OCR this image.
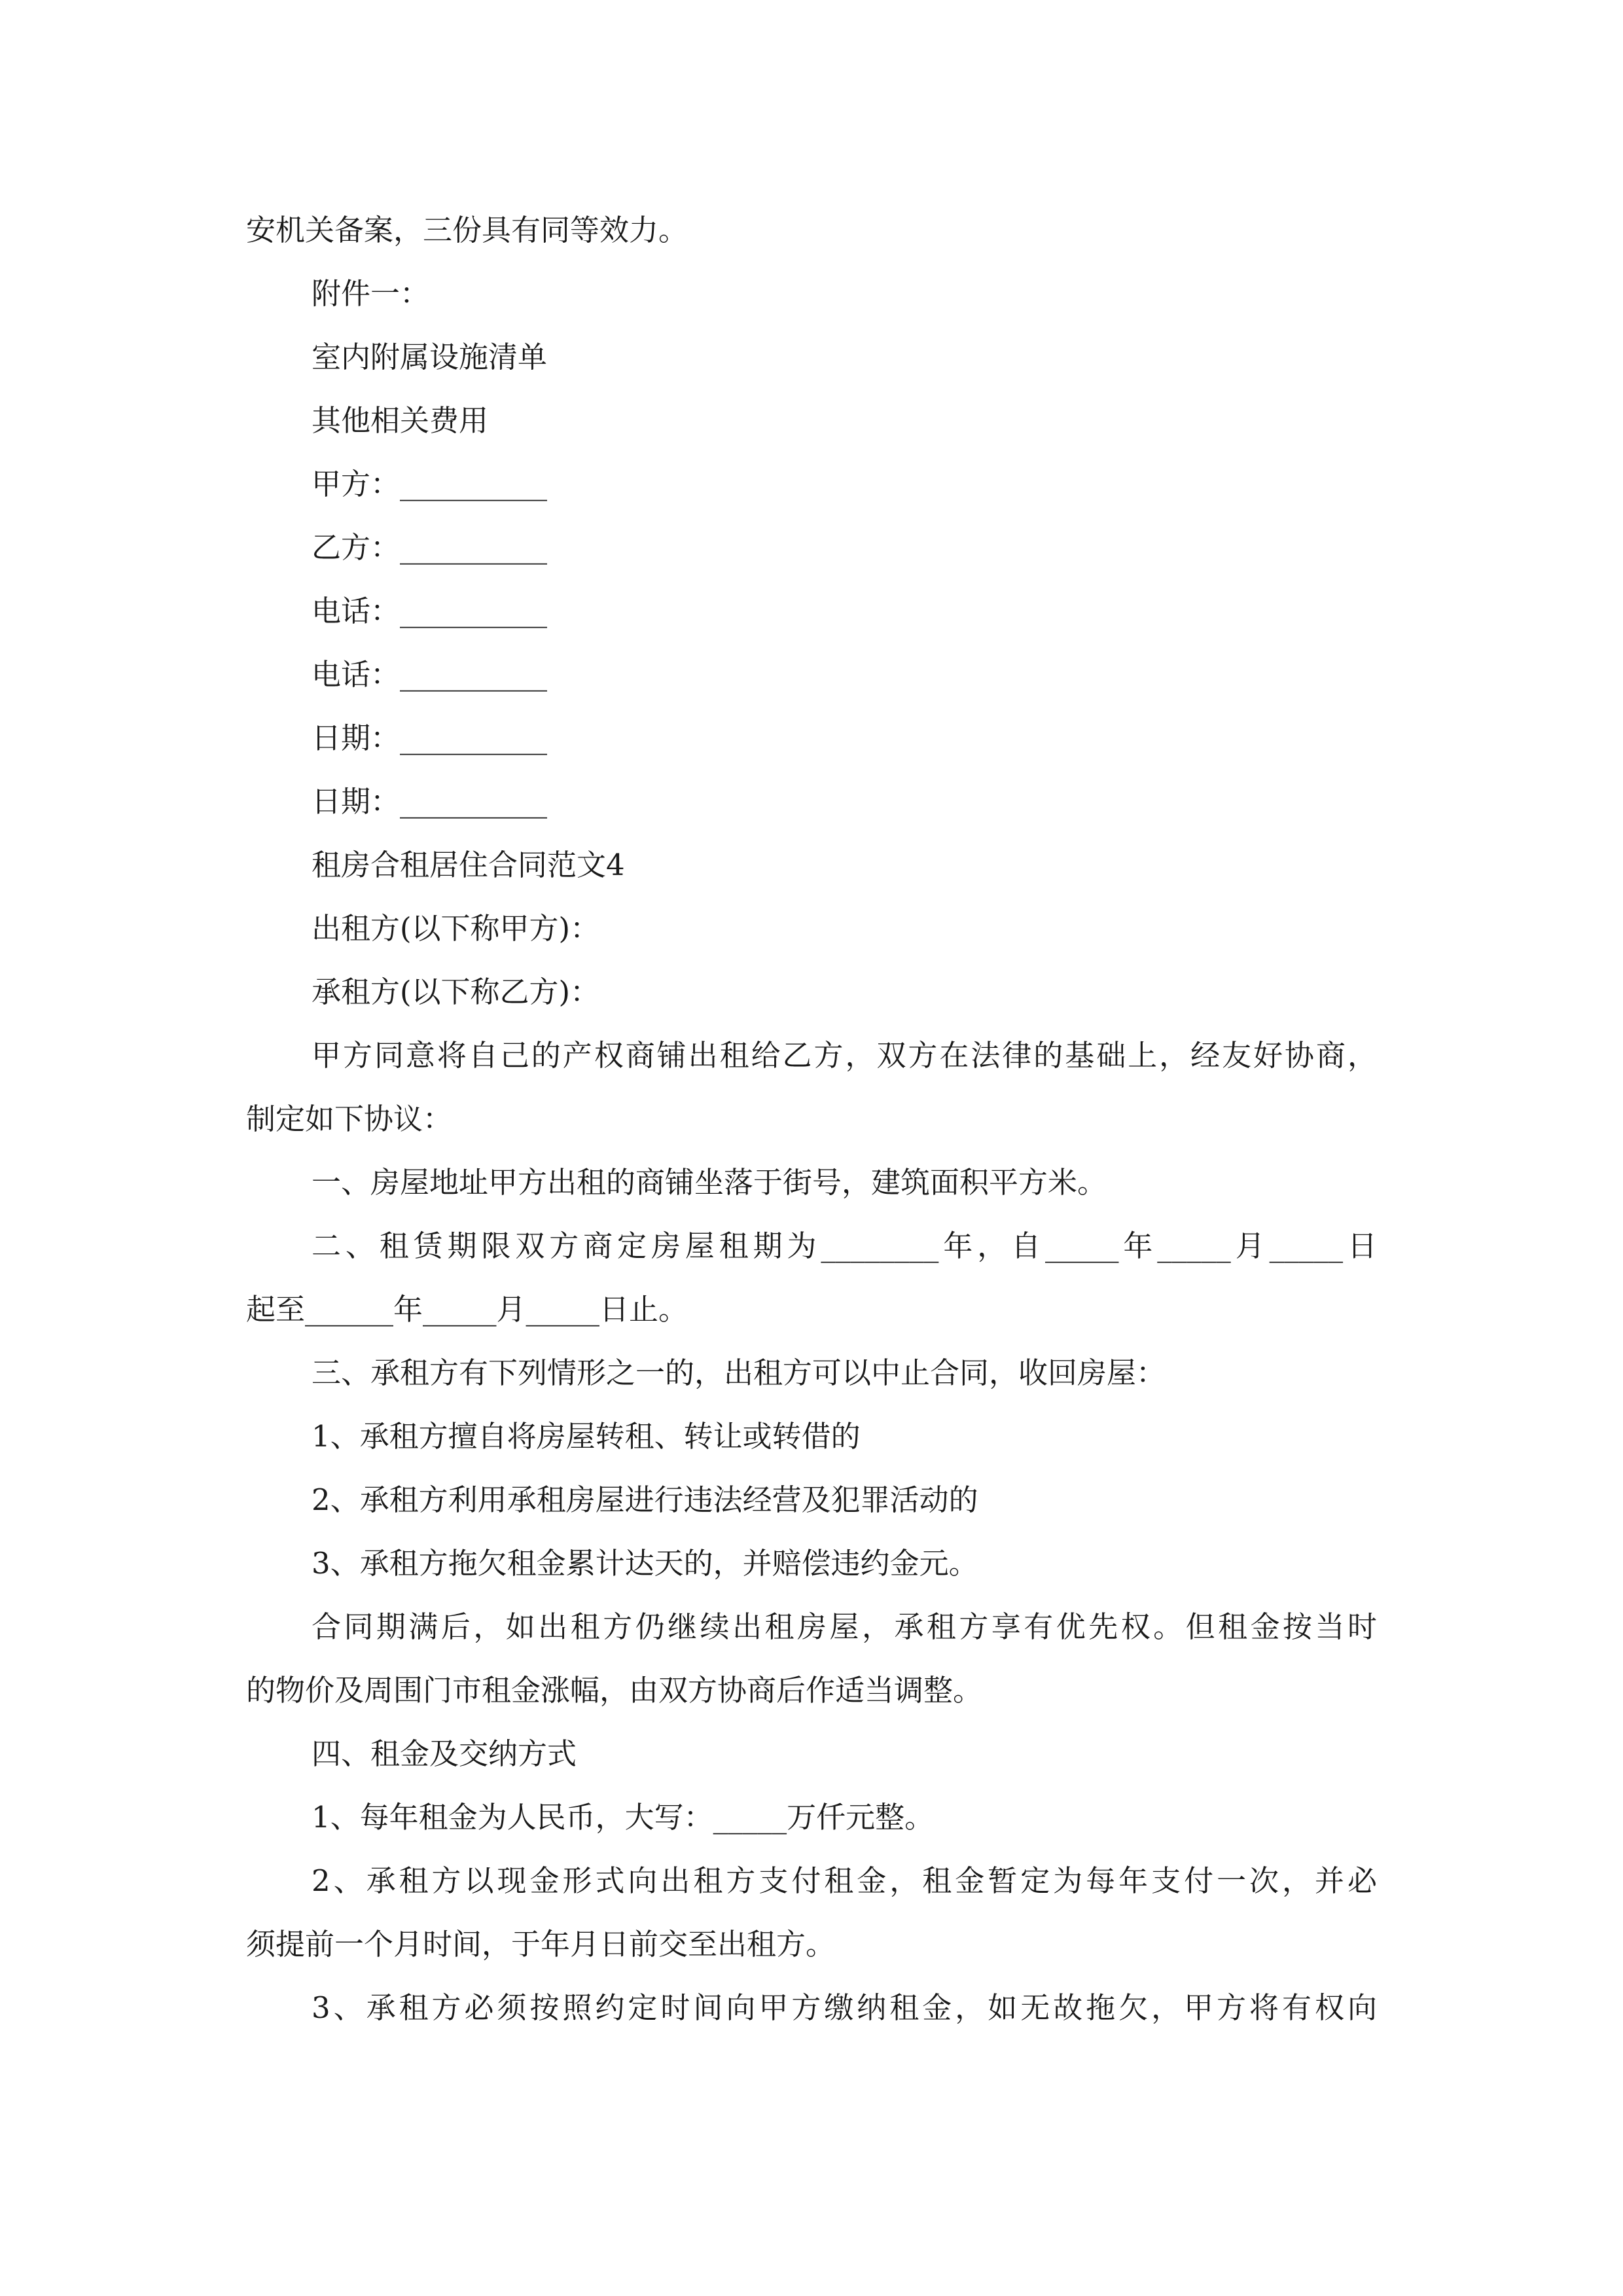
安机关备案，三份具有同等效力。
附件一：
室内附属设施清单
其他相关费用
甲方：__________
乙方：__________
电话：__________
电话：__________
日期：__________
日期：__________
租房合租居住合同范文4
出租方(以下称甲方)：
承租方(以下称乙方)：
甲方同意将自己的产权商铺出租给乙方，双方在法律的基础上，经友好协商，
制定如下协议：
一、房屋地址甲方出租的商铺坐落于街号，建筑面积平方米。
二、租赁期限双方商定房屋租期为________年，自_____年_____月_____日
起至______年_____月_____日止。
三、承租方有下列情形之一的，出租方可以中止合同，收回房屋：
1、承租方擅自将房屋转租、转让或转借的
2、承租方利用承租房屋进行违法经营及犯罪活动的
3、承租方拖欠租金累计达天的，并赔偿违约金元。
合同期满后，如出租方仍继续出租房屋，承租方享有优先权。但租金按当时
的物价及周围门市租金涨幅，由双方协商后作适当调整。
四、租金及交纳方式
1、每年租金为人民币，大写：_____万仟元整。
2、承租方以现金形式向出租方支付租金，租金暂定为每年支付一次，并必
须提前一个月时间，于年月日前交至出租方。
3、承租方必须按照约定时间向甲方缴纳租金，如无故拖欠，甲方将有权向
